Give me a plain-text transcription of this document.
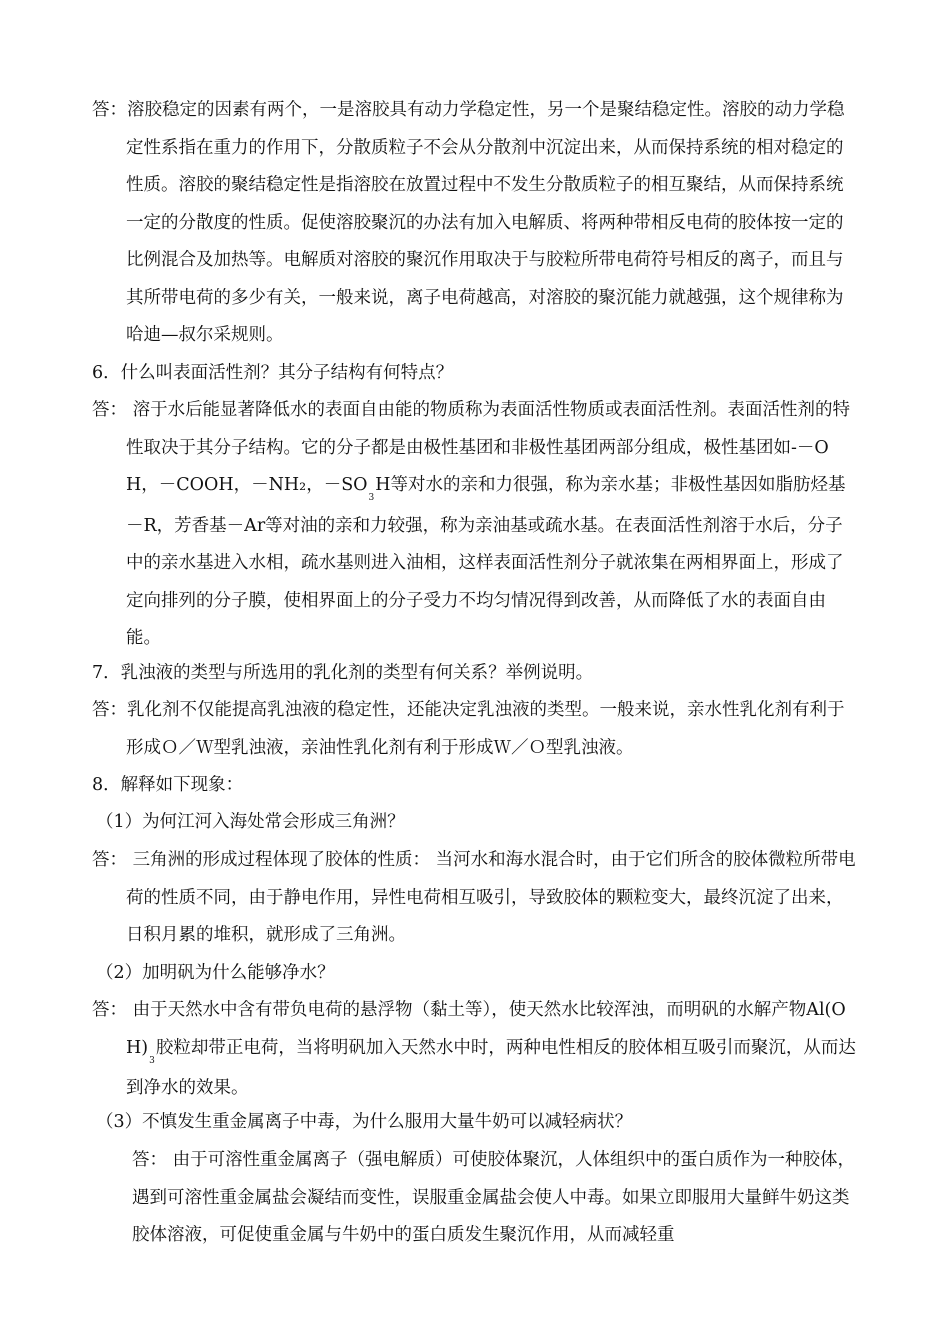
答：溶胶稳定的因素有两个，一是溶胶具有动力学稳定性，另一个是聚结稳定性。溶胶的动力学稳定性系指在重力的作用下，分散质粒子不会从分散剂中沉淀出来，从而保持系统的相对稳定的性质。溶胶的聚结稳定性是指溶胶在放置过程中不发生分散质粒子的相互聚结，从而保持系统一定的分散度的性质。促使溶胶聚沉的办法有加入电解质、将两种带相反电荷的胶体按一定的比例混合及加热等。电解质对溶胶的聚沉作用取决于与胶粒所带电荷符号相反的离子，而且与其所带电荷的多少有关，一般来说，离子电荷越高，对溶胶的聚沉能力就越强，这个规律称为哈迪—叔尔采规则。
6．什么叫表面活性剂？其分子结构有何特点？
答： 溶于水后能显著降低水的表面自由能的物质称为表面活性物质或表面活性剂。表面活性剂的特性取决于其分子结构。它的分子都是由极性基团和非极性基团两部分组成，极性基团如-－OH，－COOH，－NH₂，$-SO_3H$等对水的亲和力很强，称为亲水基；非极性基因如脂肪烃基－R，芳香基－Ar等对油的亲和力较强，称为亲油基或疏水基。在表面活性剂溶于水后，分子中的亲水基进入水相，疏水基则进入油相，这样表面活性剂分子就浓集在两相界面上，形成了定向排列的分子膜，使相界面上的分子受力不均匀情况得到改善，从而降低了水的表面自由能。
7．乳浊液的类型与所选用的乳化剂的类型有何关系？举例说明。
答：乳化剂不仅能提高乳浊液的稳定性，还能决定乳浊液的类型。一般来说，亲水性乳化剂有利于形成Ｏ／Ｗ型乳浊液，亲油性乳化剂有利于形成Ｗ／Ｏ型乳浊液。
8．解释如下现象：
（1）为何江河入海处常会形成三角洲？
答： 三角洲的形成过程体现了胶体的性质： 当河水和海水混合时，由于它们所含的胶体微粒所带电荷的性质不同，由于静电作用，异性电荷相互吸引，导致胶体的颗粒变大，最终沉淀了出来，日积月累的堆积，就形成了三角洲。
（2）加明矾为什么能够净水？
答： 由于天然水中含有带负电荷的悬浮物（黏土等），使天然水比较浑浊，而明矾的水解产物$Al(OH)_3$胶粒却带正电荷，当将明矾加入天然水中时，两种电性相反的胶体相互吸引而聚沉，从而达到净水的效果。
（3）不慎发生重金属离子中毒，为什么服用大量牛奶可以减轻病状？
答： 由于可溶性重金属离子（强电解质）可使胶体聚沉，人体组织中的蛋白质作为一种胶体，遇到可溶性重金属盐会凝结而变性，误服重金属盐会使人中毒。如果立即服用大量鲜牛奶这类胶体溶液，可促使重金属与牛奶中的蛋白质发生聚沉作用，从而减轻重
